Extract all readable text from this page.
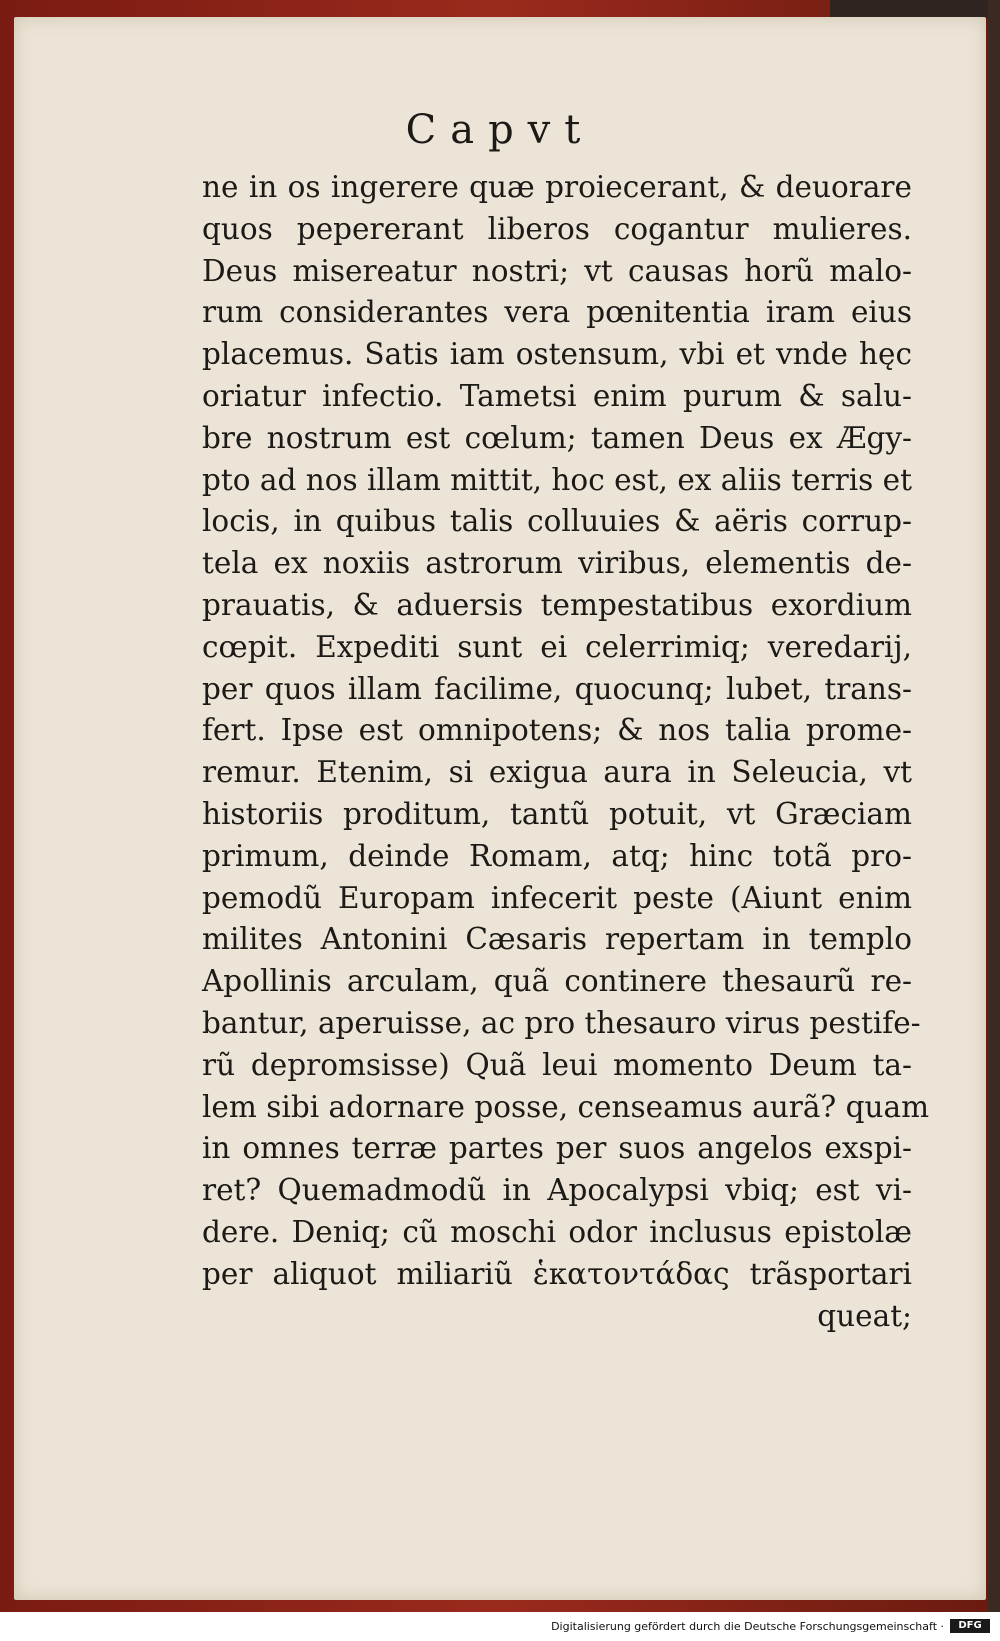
Capvt
ne in os ingerere quæ proiecerant, & deuorare
quos pepererant liberos cogantur mulieres.
Deus misereatur nostri; vt causas horũ malo-
rum considerantes vera pœnitentia iram eius
placemus. Satis iam ostensum, vbi et vnde hęc
oriatur infectio. Tametsi enim purum & salu-
bre nostrum est cœlum; tamen Deus ex Ægy-
pto ad nos illam mittit, hoc est, ex aliis terris et
locis, in quibus talis colluuies & aëris corrup-
tela ex noxiis astrorum viribus, elementis de-
prauatis, & aduersis tempestatibus exordium
cœpit. Expediti sunt ei celerrimiq; veredarij,
per quos illam facilime, quocunq; lubet, trans-
fert. Ipse est omnipotens; & nos talia prome-
remur. Etenim, si exigua aura in Seleucia, vt
historiis proditum, tantũ potuit, vt Græciam
primum, deinde Romam, atq; hinc totã pro-
pemodũ Europam infecerit peste (Aiunt enim
milites Antonini Cæsaris repertam in templo
Apollinis arculam, quã continere thesaurũ re-
bantur, aperuisse, ac pro thesauro virus pestife-
rũ depromsisse) Quã leui momento Deum ta-
lem sibi adornare posse, censeamus aurã? quam
in omnes terræ partes per suos angelos exspi-
ret? Quemadmodũ in Apocalypsi vbiq; est vi-
dere. Deniq; cũ moschi odor inclusus epistolæ
per aliquot miliariũ ἑκατοντάδας trãsportari
queat;
Digitalisierung gefördert durch die Deutsche Forschungsgemeinschaft ·	DFG
